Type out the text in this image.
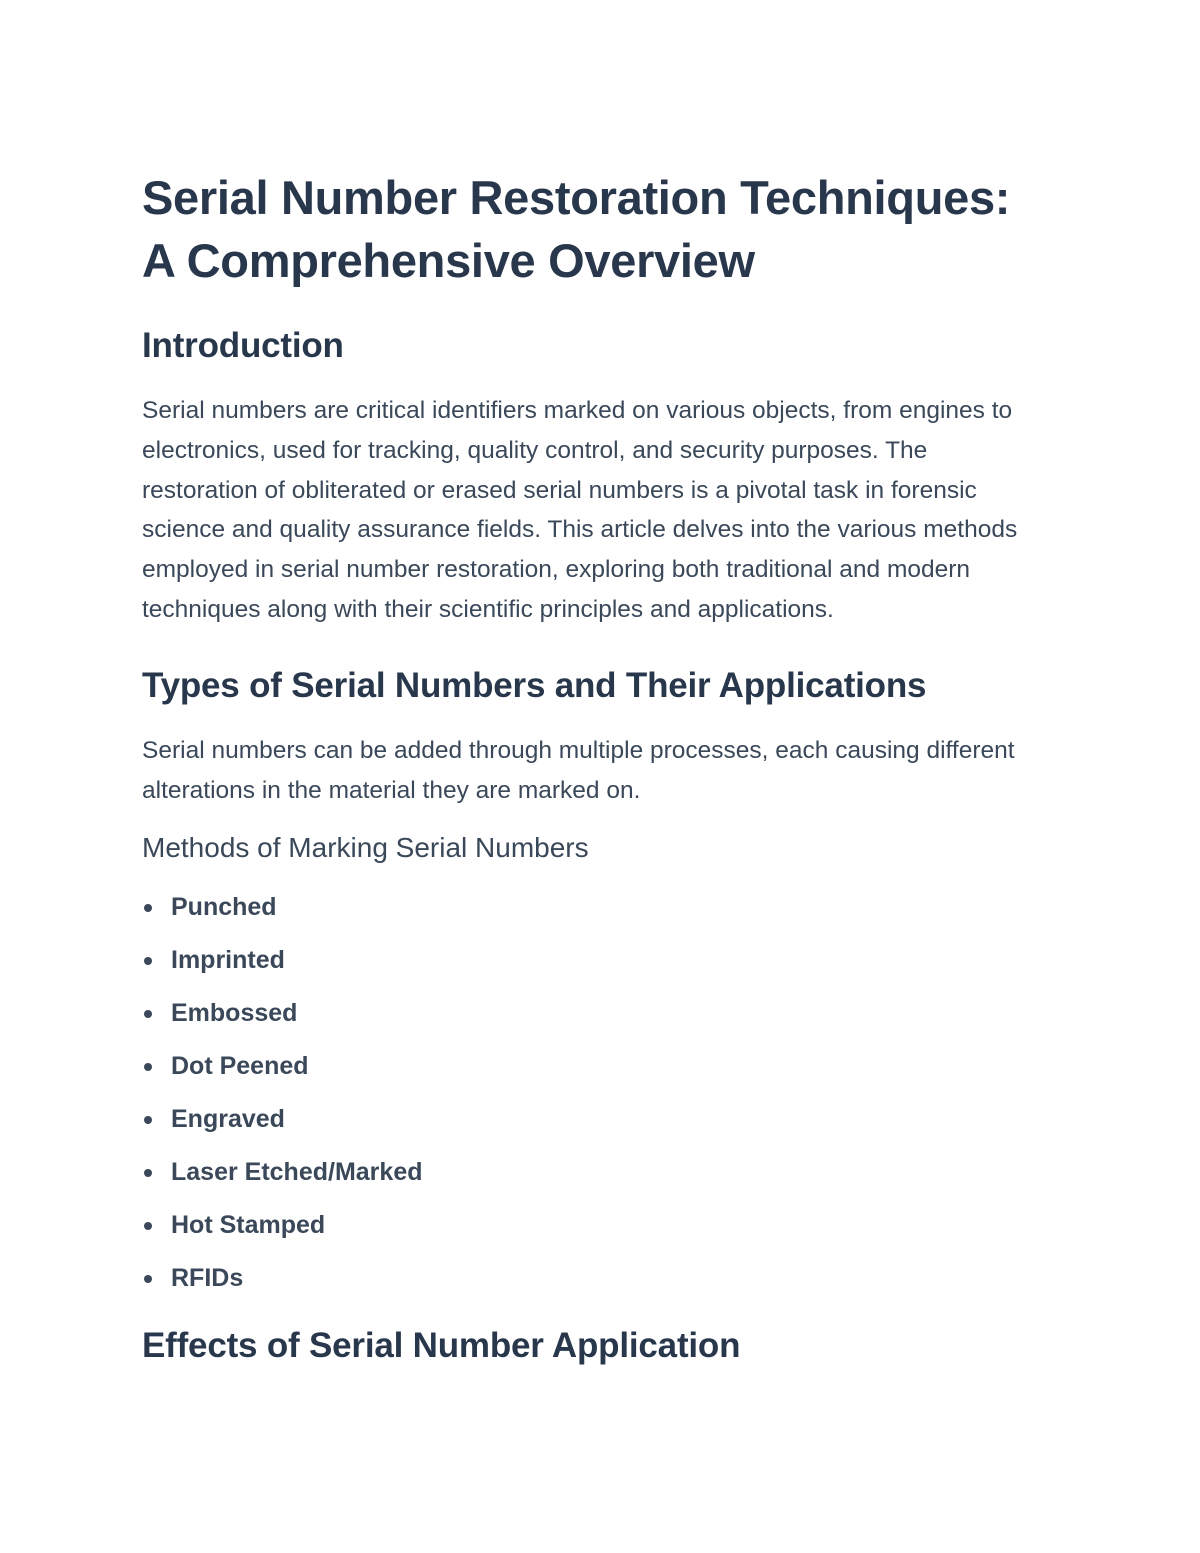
Serial Number Restoration Techniques:
A Comprehensive Overview
Introduction

Serial numbers are critical identifiers marked on various objects, from engines to electronics, used for tracking, quality control, and security purposes. The restoration of obliterated or erased serial numbers is a pivotal task in forensic science and quality assurance fields. This article delves into the various methods employed in serial number restoration, exploring both traditional and modern techniques along with their scientific principles and applications.

Types of Serial Numbers and Their Applications

Serial numbers can be added through multiple processes, each causing different alterations in the material they are marked on.

Methods of Marking Serial Numbers
Punched
Imprinted
Embossed
Dot Peened
Engraved
Laser Etched/Marked
Hot Stamped
RFIDs
Effects of Serial Number Application
